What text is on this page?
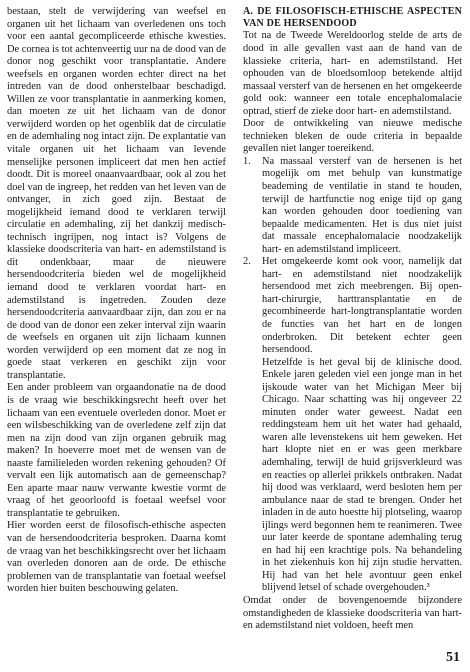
bestaan, stelt de verwijdering van weefsel en organen uit het lichaam van overledenen ons toch voor een aantal gecompliceerde ethische kwesties. De cornea is tot achtenveertig uur na de dood van de donor nog geschikt voor transplantatie. Andere weefsels en organen worden echter direct na het intreden van de dood onherstelbaar beschadigd. Willen ze voor transplantatie in aanmerking komen, dan moeten ze uit het lichaam van de donor verwijderd worden op het ogenblik dat de circulatie en de ademhaling nog intact zijn. De explantatie van vitale organen uit het lichaam van levende menselijke personen impliceert dat men hen actief doodt. Dit is moreel onaanvaardbaar, ook al zou het doel van de ingreep, het redden van het leven van de ontvanger, in zich goed zijn. Bestaat de mogelijkheid iemand dood te verklaren terwijl circulatie en ademhaling, zij het dankzij medisch-technisch ingrijpen, nog intact is? Volgens de klassieke doodscriteria van hart- en ademstilstand is dit ondenkbaar, maar de nieuwere hersendoodcriteria bieden wel de mogelijkheid iemand dood te verklaren voordat hart- en ademstilstand is ingetreden. Zouden deze hersendoodcriteria aanvaardbaar zijn, dan zou er na de dood van de donor een zeker interval zijn waarin de weefsels en organen uit zijn lichaam kunnen worden verwijderd op een moment dat ze nog in goede staat verkeren en geschikt zijn voor transplantatie.

Een ander probleem van orgaandonatie na de dood is de vraag wie beschikkingsrecht heeft over het lichaam van een eventuele overleden donor. Moet er een wilsbeschikking van de overledene zelf zijn dat men na zijn dood van zijn organen gebruik mag maken? In hoeverre moet met de wensen van de naaste familieleden worden rekening gehouden? Of vervalt een lijk automatisch aan de gemeenschap? Een aparte maar nauw verwante kwestie vormt de vraag of het geoorloofd is foetaal weefsel voor transplantatie te gebruiken.

Hier worden eerst de filosofisch-ethische aspecten van de hersendoodcriteria besproken. Daarna komt de vraag van het beschikkingsrecht over het lichaam van overleden donoren aan de orde. De ethische problemen van de transplantatie van foetaal weefsel worden hier buiten beschouwing gelaten.

A. DE FILOSOFISCH-ETHISCHE ASPECTEN VAN DE HERSENDOOD

Tot na de Tweede Wereldoorlog stelde de arts de dood in alle gevallen vast aan de hand van de klassieke criteria, hart- en ademstilstand. Het ophouden van de bloedsomloop betekende altijd massaal versterf van de hersenen en het omgekeerde gold ook: wanneer een totale encephalomalacie optrad, stierf de zieke door hart- en ademstilstand.

Door de ontwikkeling van nieuwe medische technieken bleken de oude criteria in bepaalde gevallen niet langer toereikend.

1. Na massaal versterf van de hersenen is het mogelijk om met behulp van kunstmatige beademing de ventilatie in stand te houden, terwijl de hartfunctie nog enige tijd op gang kan worden gehouden door toediening van bepaalde medicamenten. Het is dus niet juist dat massale encephalomalacie noodzakelijk hart- en ademstilstand impliceert.
2. Het omgekeerde komt ook voor, namelijk dat hart- en ademstilstand niet noodzakelijk hersendood met zich meebrengen. Bij open-hart-chirurgie, harttransplantatie en de gecombineerde hart-longtransplantatie worden de functies van het hart en de longen onderbroken. Dit betekent echter geen hersendood.

Hetzelfde is het geval bij de klinische dood. Enkele jaren geleden viel een jonge man in het ijskoude water van het Michigan Meer bij Chicago. Naar schatting was hij ongeveer 22 minuten onder water geweest. Nadat een reddingsteam hem uit het water had gehaald, waren alle levenstekens uit hem geweken. Het hart klopte niet en er was geen merkbare ademhaling, terwijl de huid grijsverkleurd was en reacties op allerlei prikkels ontbraken. Nadat hij dood was verklaard, werd besloten hem per ambulance naar de stad te brengen. Onder het inladen in de auto hoestte hij plotseling, waarop ijlings werd begonnen hem te reanimeren. Twee uur later keerde de spontane ademhaling terug en had hij een krachtige pols. Na behandeling in het ziekenhuis kon hij zijn studie hervatten. Hij had van het hele avontuur geen enkel blijvend letsel of schade overgehouden.³

Omdat onder de bovengenoemde bijzondere omstandigheden de klassieke doodscriteria van hart- en ademstilstand niet voldoen, heeft men

51
